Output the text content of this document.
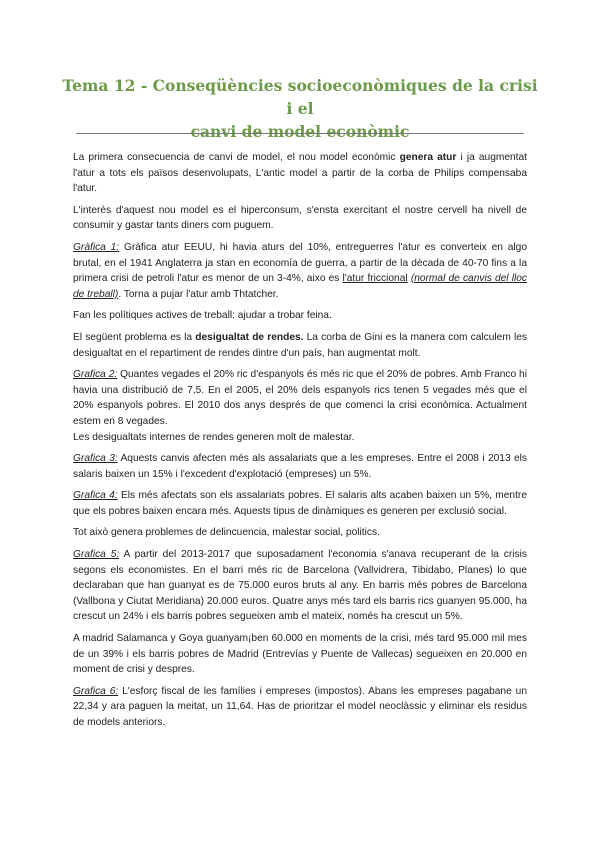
Tema 12 - Conseqüències socioeconòmiques de la crisi i el
canvi de model econòmic

La primera consecuencia de canvi de model, el nou model econòmic genera atur i ja augmentat l'atur a tots els països desenvolupats, L'antic model a partir de la corba de Philips compensaba l'atur.

L'interès d'aquest nou model es el hiperconsum, s'ensta exercitant el nostre cervell ha nivell de consumir y gastar tants diners com puguem.

Gràfica 1: Gràfica atur EEUU, hi havia aturs del 10%, entreguerres l'atur es converteix en algo brutal, en el 1941 Anglaterra ja stan en economía de guerra, a partir de la dècada de 40-70 fins a la primera crisi de petroli l'atur es menor de un 3-4%, aixo es l'atur friccional (normal de canvis del lloc de treball). Torna a pujar l'atur amb Thtatcher.

Fan les polítiques actives de treball: ajudar a trobar feina.

El següent problema es la desigualtat de rendes. La corba de Gini es la manera com calculem les desigualtat en el repartiment de rendes dintre d'un país, han augmentat molt.

Grafica 2: Quantes vegades el 20% ric d'espanyols és més ric que el 20% de pobres. Amb Franco hi havia una distribució de 7,5. En el 2005, el 20% dels espanyols rics tenen 5 vegades més que el 20% espanyols pobres. El 2010 dos anys després de que comenci la crisi econòmica. Actualment estem en 8 vegades.

Les desigualtats internes de rendes generen molt de malestar.

Grafica 3: Aquests canvis afecten més als assalariats que a les empreses. Entre el 2008 i 2013 els salaris baixen un 15% i l'excedent d'explotació (empreses) un 5%.

Grafica 4: Els més afectats son els assalariats pobres. El salaris alts acaben baixen un 5%, mentre que els pobres baixen encara més. Aquests tipus de dinàmiques es generen per exclusió social.

Tot això genera problemes de delincuencia, malestar social, politics.

Grafica 5: A partir del 2013-2017 que suposadament l'economia s'anava recuperant de la crisis segons els economistes. En el barri més ric de Barcelona (Vallvidrera, Tibidabo, Planes) lo que declaraban que han guanyat es de 75.000 euros bruts al any. En barris més pobres de Barcelona (Vallbona y Ciutat Meridiana) 20.000 euros. Quatre anys més tard els barris rics guanyen 95.000, ha crescut un 24% i els barris pobres segueixen amb el mateix, només ha crescut un 5%.

A madrid Salamanca y Goya guanyam¡ben 60.000 en moments de la crisi, més tard 95.000 mil mes de un 39% i els barris pobres de Madrid (Entrevías y Puente de Vallecas) segueixen en 20.000 en moment de crisi y despres.

Grafica 6: L'esforç fiscal de les famílies i empreses (impostos). Abans les empreses pagabane un 22,34 y ara paguen la meitat, un 11,64. Has de prioritzar el model neoclàssic y eliminar els residus de models anteriors.
